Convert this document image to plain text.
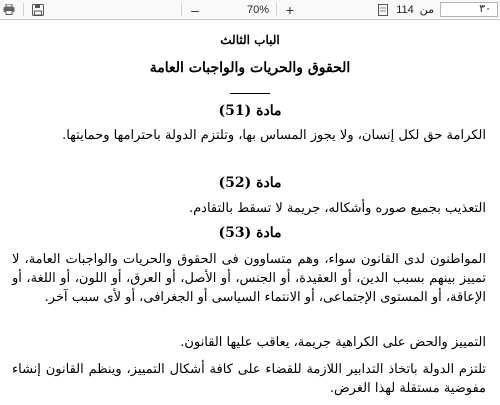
–	70% +	114 من	٣٠
الباب الثالث
الحقوق والحريات والواجبات العامة
مادة (51)
الكرامة حق لكل إنسان، ولا يجوز المساس بها، وتلتزم الدولة باحترامها وحمايتها.
مادة (52)
التعذيب بجميع صوره وأشكاله، جريمة لا تسقط بالتقادم.
مادة (53)
المواطنون لدى القانون سواء، وهم متساوون فى الحقوق والحريات والواجبات العامة، لا تمييز بينهم بسبب الدين، أو العقيدة، أو الجنس، أو الأصل، أو العرق، أو اللون، أو اللغة، أو الإعاقة، أو المستوى الإجتماعى، أو الانتماء السياسى أو الجغرافى، أو لأى سبب آخر.
التمييز والحض على الكراهية جريمة، يعاقب عليها القانون.
تلتزم الدولة باتخاذ التدابير اللازمة للقضاء على كافة أشكال التمييز، وينظم القانون إنشاء مفوضية مستقلة لهذا الغرض.
